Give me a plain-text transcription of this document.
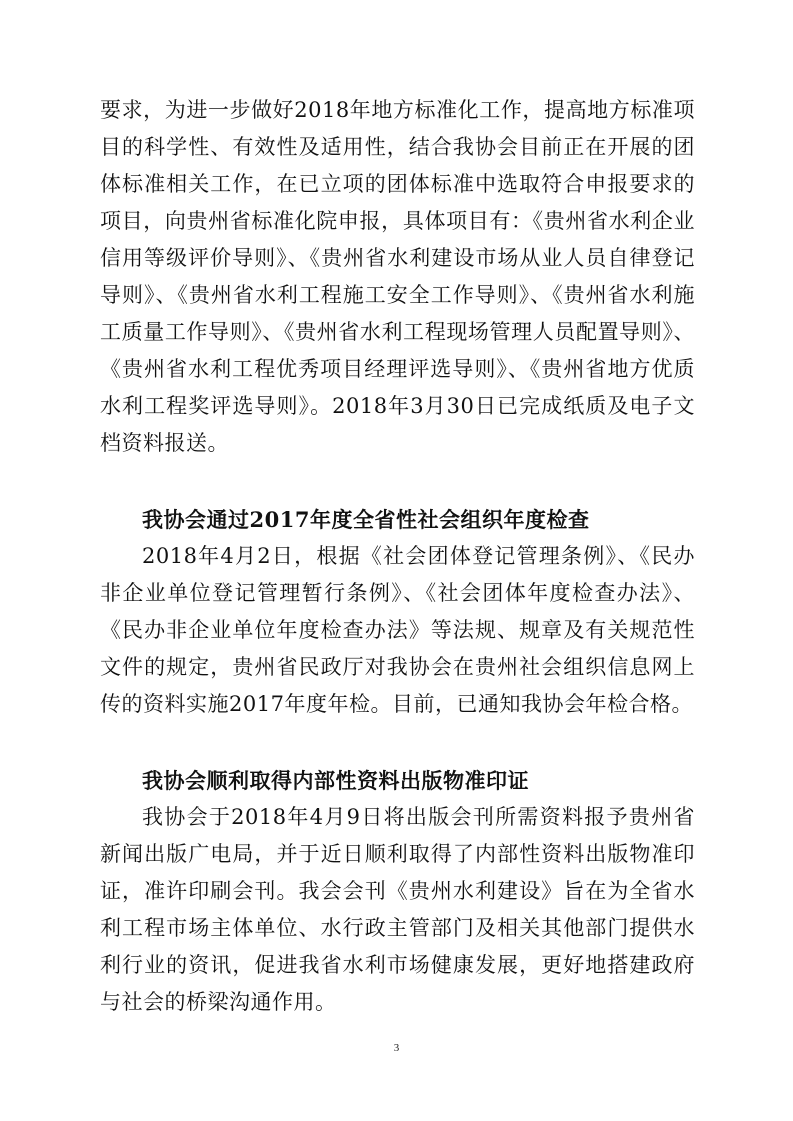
要求，为进一步做好2018年地方标准化工作，提高地方标准项目的科学性、有效性及适用性，结合我协会目前正在开展的团体标准相关工作，在已立项的团体标准中选取符合申报要求的项目，向贵州省标准化院申报，具体项目有：《贵州省水利企业信用等级评价导则》、《贵州省水利建设市场从业人员自律登记导则》、《贵州省水利工程施工安全工作导则》、《贵州省水利施工质量工作导则》、《贵州省水利工程现场管理人员配置导则》、《贵州省水利工程优秀项目经理评选导则》、《贵州省地方优质水利工程奖评选导则》。2018年3月30日已完成纸质及电子文档资料报送。

我协会通过2017年度全省性社会组织年度检查

2018年4月2日，根据《社会团体登记管理条例》、《民办非企业单位登记管理暂行条例》、《社会团体年度检查办法》、《民办非企业单位年度检查办法》等法规、规章及有关规范性文件的规定，贵州省民政厅对我协会在贵州社会组织信息网上传的资料实施2017年度年检。目前，已通知我协会年检合格。

我协会顺利取得内部性资料出版物准印证

我协会于2018年4月9日将出版会刊所需资料报予贵州省新闻出版广电局，并于近日顺利取得了内部性资料出版物准印证，准许印刷会刊。我会会刊《贵州水利建设》旨在为全省水利工程市场主体单位、水行政主管部门及相关其他部门提供水利行业的资讯，促进我省水利市场健康发展，更好地搭建政府与社会的桥梁沟通作用。

3
